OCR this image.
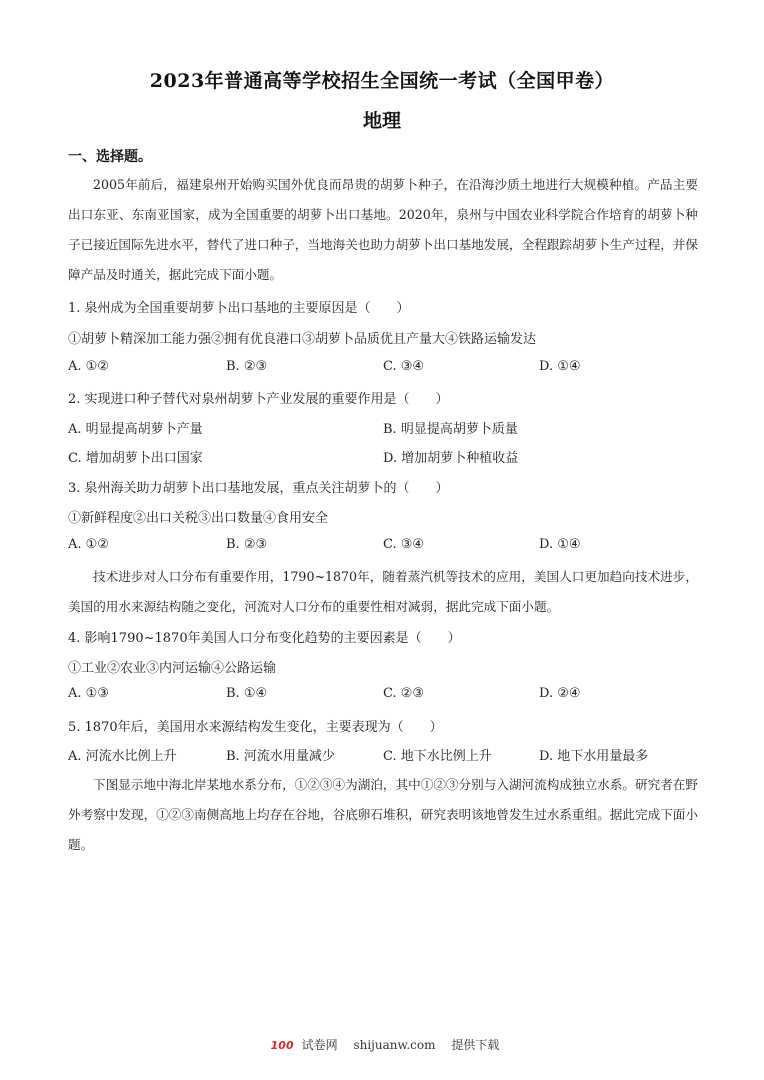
2023年普通高等学校招生全国统一考试（全国甲卷）
地理
一、选择题。
2005年前后，福建泉州开始购买国外优良而昂贵的胡萝卜种子，在沿海沙质土地进行大规模种植。产品主要出口东亚、东南亚国家，成为全国重要的胡萝卜出口基地。2020年，泉州与中国农业科学院合作培育的胡萝卜种子已接近国际先进水平，替代了进口种子，当地海关也助力胡萝卜出口基地发展，全程跟踪胡萝卜生产过程，并保障产品及时通关，据此完成下面小题。
1. 泉州成为全国重要胡萝卜出口基地的主要原因是（　　）
①胡萝卜精深加工能力强②拥有优良港口③胡萝卜品质优且产量大④铁路运输发达
A. ①②	B. ②③	C. ③④	D. ①④
2. 实现进口种子替代对泉州胡萝卜产业发展的重要作用是（　　）
A. 明显提高胡萝卜产量	B. 明显提高胡萝卜质量
C. 增加胡萝卜出口国家	D. 增加胡萝卜种植收益
3. 泉州海关助力胡萝卜出口基地发展，重点关注胡萝卜的（　　）
①新鲜程度②出口关税③出口数量④食用安全
A. ①②	B. ②③	C. ③④	D. ①④
技术进步对人口分布有重要作用，1790~1870年，随着蒸汽机等技术的应用，美国人口更加趋向技术进步，美国的用水来源结构随之变化，河流对人口分布的重要性相对减弱，据此完成下面小题。
4. 影响1790~1870年美国人口分布变化趋势的主要因素是（　　）
①工业②农业③内河运输④公路运输
A. ①③	B. ①④	C. ②③	D. ②④
5. 1870年后，美国用水来源结构发生变化，主要表现为（　　）
A. 河流水比例上升	B. 河流水用量减少	C. 地下水比例上升	D. 地下水用量最多
下图显示地中海北岸某地水系分布，①②③④为湖泊，其中①②③分别与入湖河流构成独立水系。研究者在野外考察中发现，①②③南侧高地上均存在谷地，谷底卵石堆积，研究表明该地曾发生过水系重组。据此完成下面小题。
100 试卷网 shijuanw.com 提供下载
